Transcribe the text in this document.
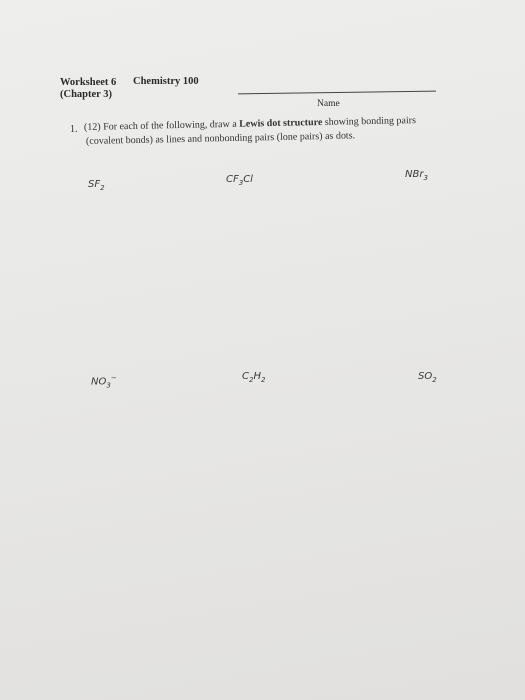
Worksheet 6 Chemistry 100
(Chapter 3)
Name
1. (12) For each of the following, draw a Lewis dot structure showing bonding pairs
(covalent bonds) as lines and nonbonding pairs (lone pairs) as dots.
$SF_2$
$CF_3Cl$	NBr$_3$
$NO_3^-$	$C_2H_2$	$SO_2$
